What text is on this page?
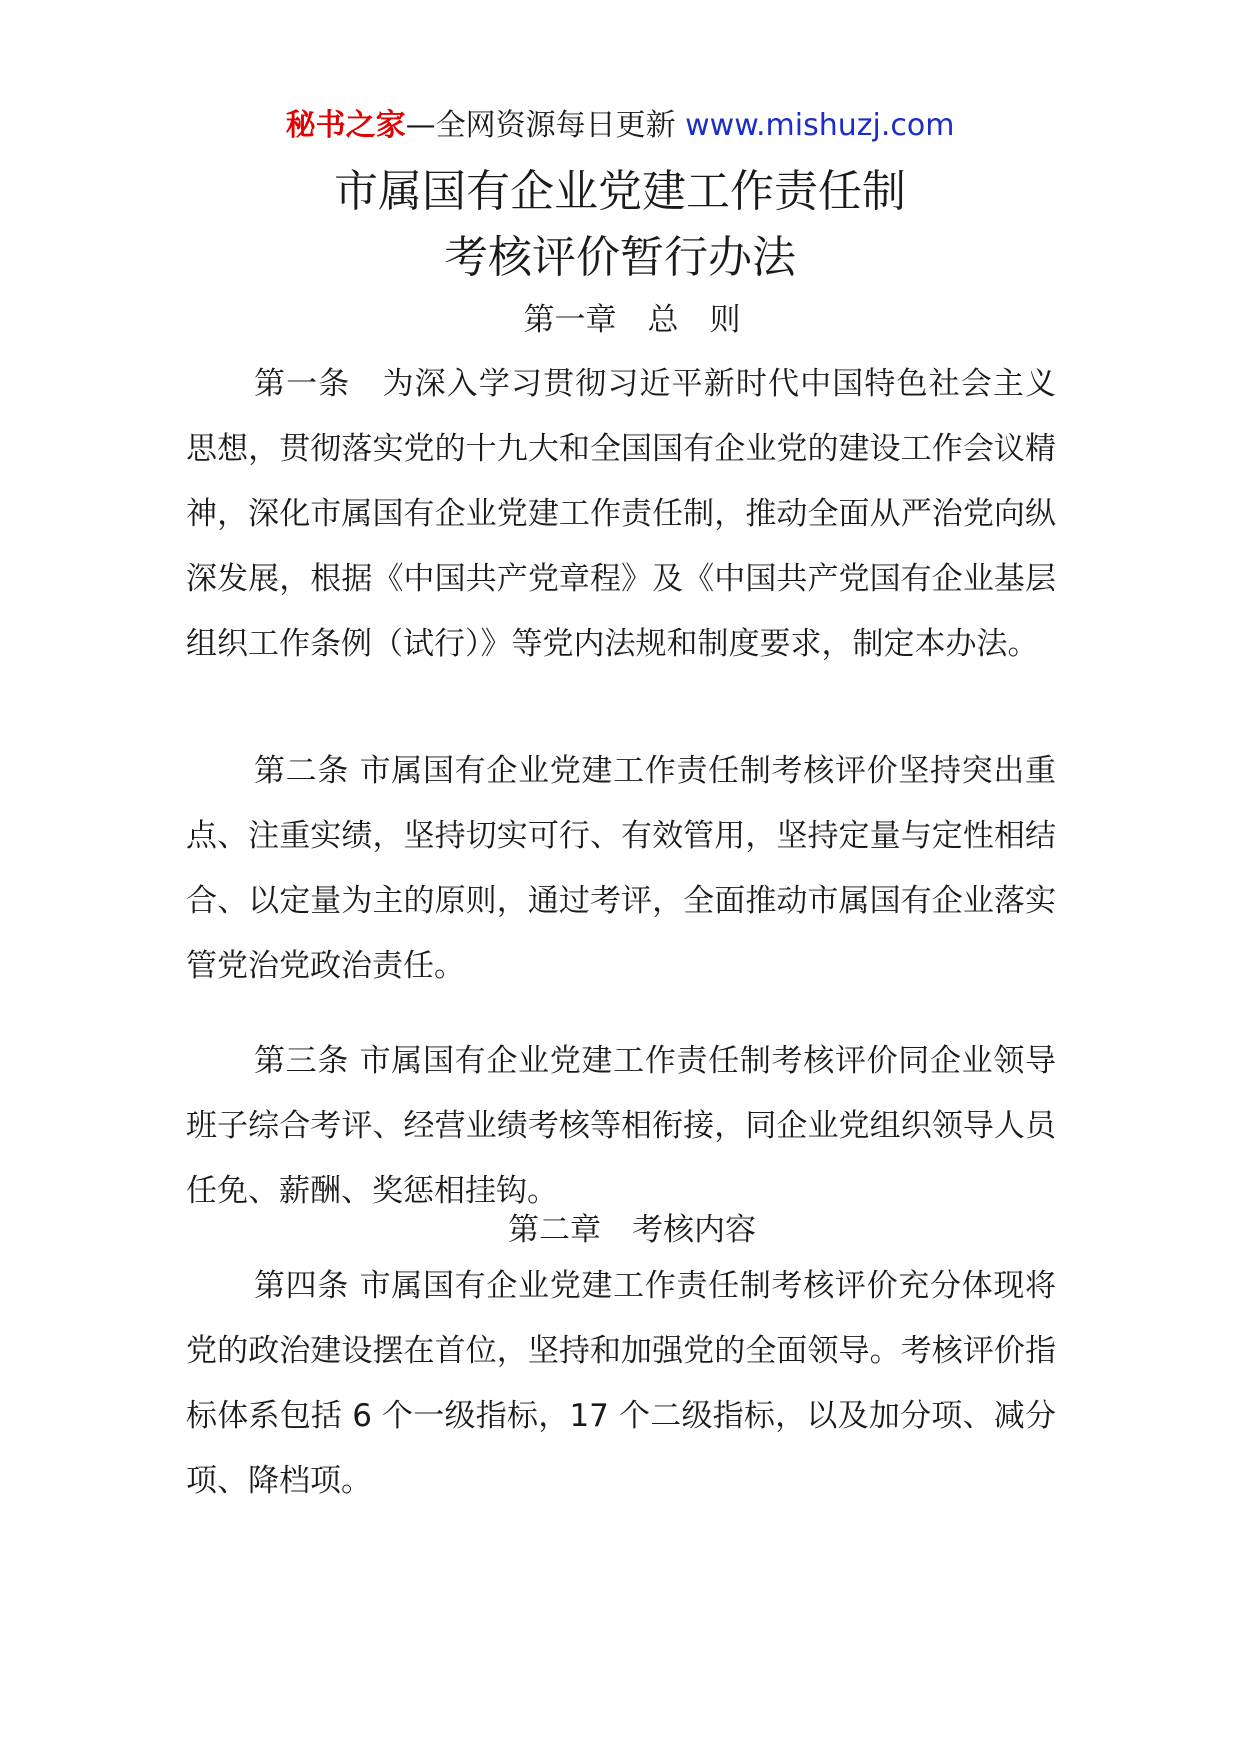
秘书之家—全网资源每日更新 www.mishuzj.com
市属国有企业党建工作责任制
考核评价暂行办法
第一章　总　则
第一条　为深入学习贯彻习近平新时代中国特色社会主义思想，贯彻落实党的十九大和全国国有企业党的建设工作会议精神，深化市属国有企业党建工作责任制，推动全面从严治党向纵深发展，根据《中国共产党章程》及《中国共产党国有企业基层组织工作条例（试行）》等党内法规和制度要求，制定本办法。
第二条 市属国有企业党建工作责任制考核评价坚持突出重点、注重实绩，坚持切实可行、有效管用，坚持定量与定性相结合、以定量为主的原则，通过考评，全面推动市属国有企业落实管党治党政治责任。
第三条 市属国有企业党建工作责任制考核评价同企业领导班子综合考评、经营业绩考核等相衔接，同企业党组织领导人员任免、薪酬、奖惩相挂钩。
第二章　考核内容
第四条 市属国有企业党建工作责任制考核评价充分体现将党的政治建设摆在首位，坚持和加强党的全面领导。考核评价指标体系包括 6 个一级指标，17 个二级指标，以及加分项、减分项、降档项。
